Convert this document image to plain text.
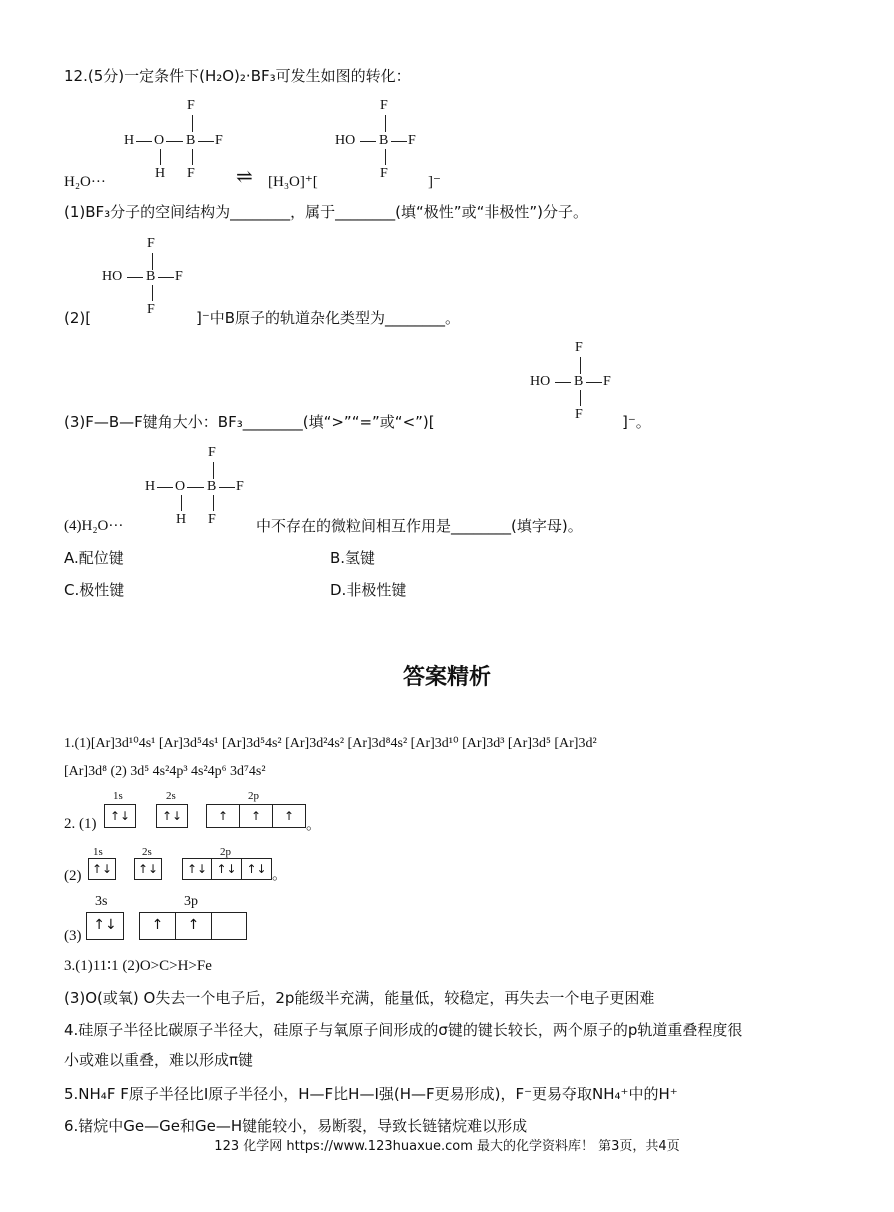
12.(5分)一定条件下(H₂O)₂·BF₃可发生如图的转化：
F
H O B F
H F
F
HO B F
F
H₂O···	⇌ [H₃O]⁺[	]⁻
(1)BF₃分子的空间结构为________，属于________(填“极性”或“非极性”)分子。
F
HO B F
F
(2)[	]⁻中B原子的轨道杂化类型为________。
F
HO B F
F
(3)F—B—F键角大小：BF₃________(填“>”“=”或“<”)[	]⁻。
F
H O B F
H F
(4)H₂O···	中不存在的微粒间相互作用是________(填字母)。
A.配位键	B.氢键
C.极性键	D.非极性键
答案精析
1.(1)[Ar]3d¹⁰4s¹ [Ar]3d⁵4s¹ [Ar]3d⁵4s² [Ar]3d²4s² [Ar]3d⁸4s² [Ar]3d¹⁰ [Ar]3d³ [Ar]3d⁵ [Ar]3d²
[Ar]3d⁸ (2) 3d⁵ 4s²4p³ 4s²4p⁶ 3d⁷4s²
2. (1)
1s
↑↓
2s
↑↓
2p
↑	↑	↑ 。
(2)
1s
↑↓
2s
↑↓
2p
↑↓ ↑↓ ↑↓ 。
(3)
3s
↑↓
3p
↑	↑
3.(1)11∶1 (2)O>C>H>Fe
(3)O(或氧) O失去一个电子后，2p能级半充满，能量低，较稳定，再失去一个电子更困难
4.硅原子半径比碳原子半径大，硅原子与氧原子间形成的σ键的键长较长，两个原子的p轨道重叠程度很
小或难以重叠，难以形成π键
5.NH₄F F原子半径比I原子半径小，H—F比H—I强(H—F更易形成)，F⁻更易夺取NH₄⁺中的H⁺
6.锗烷中Ge—Ge和Ge—H键能较小，易断裂，导致长链锗烷难以形成
123 化学网 https://www.123huaxue.com 最大的化学资料库！ 第3页，共4页
